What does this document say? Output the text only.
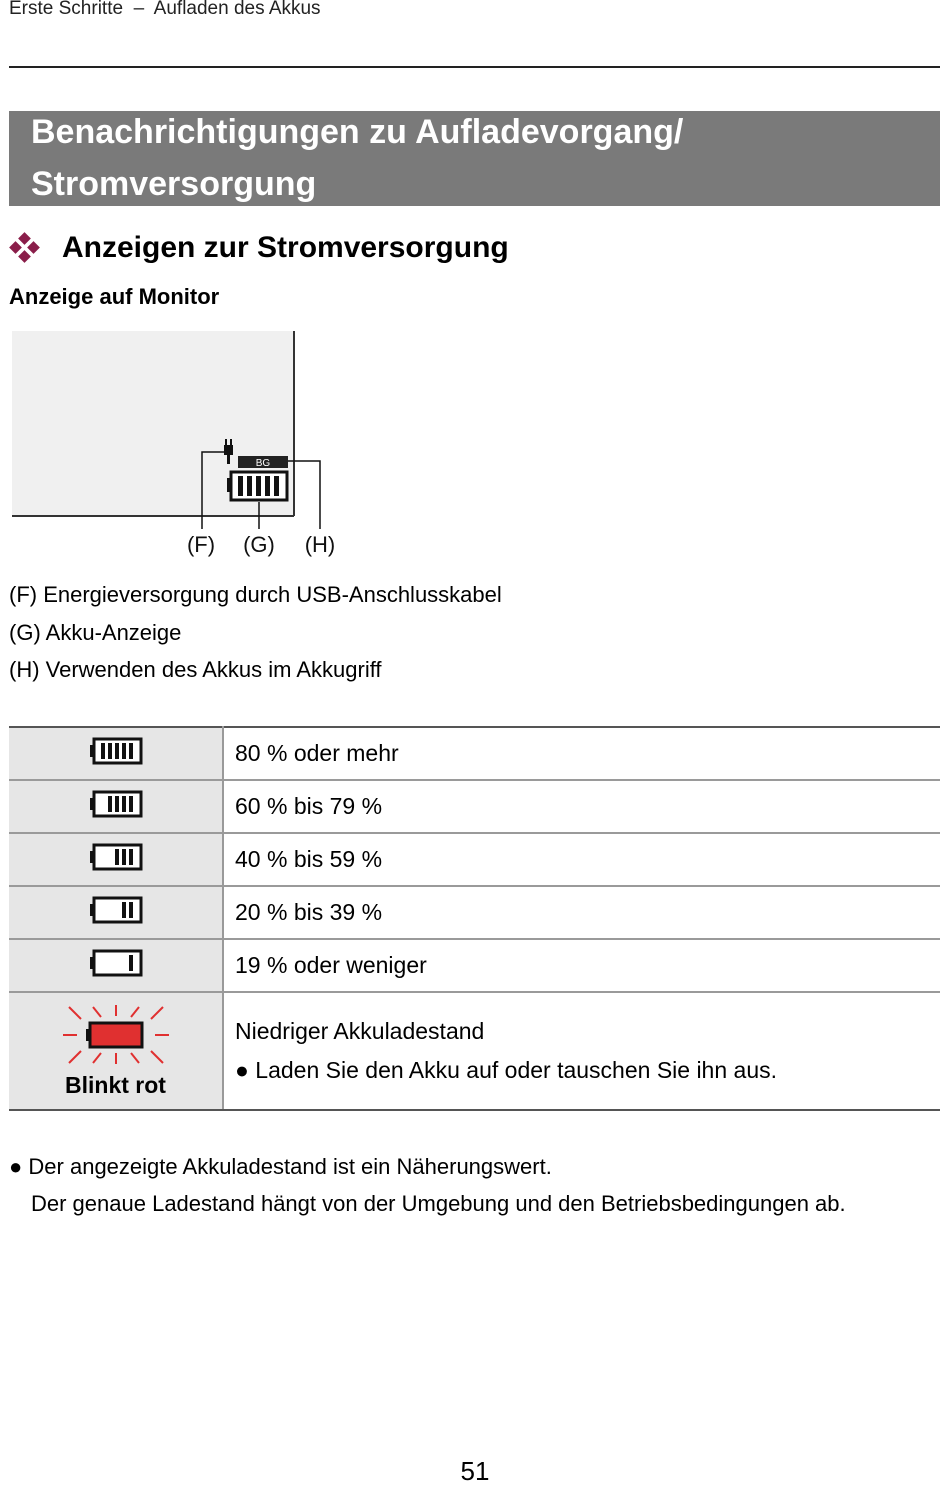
Erste Schritte  –  Aufladen des Akkus
Benachrichtigungen zu Aufladevorgang/
Stromversorgung
Anzeigen zur Stromversorgung
Anzeige auf Monitor
BG
(F) (G) (H)
(F) Energieversorgung durch USB-Anschlusskabel
(G) Akku-Anzeige
(H) Verwenden des Akkus im Akkugriff
	80 % oder mehr
	60 % bis 79 %
	40 % bis 59 %
	20 % bis 39 %
	19 % oder weniger

Blinkt rot	Niedriger Akkuladestand
● Laden Sie den Akku auf oder tauschen Sie ihn aus.
● Der angezeigte Akkuladestand ist ein Näherungswert.
Der genaue Ladestand hängt von der Umgebung und den Betriebsbedingungen ab.
51
